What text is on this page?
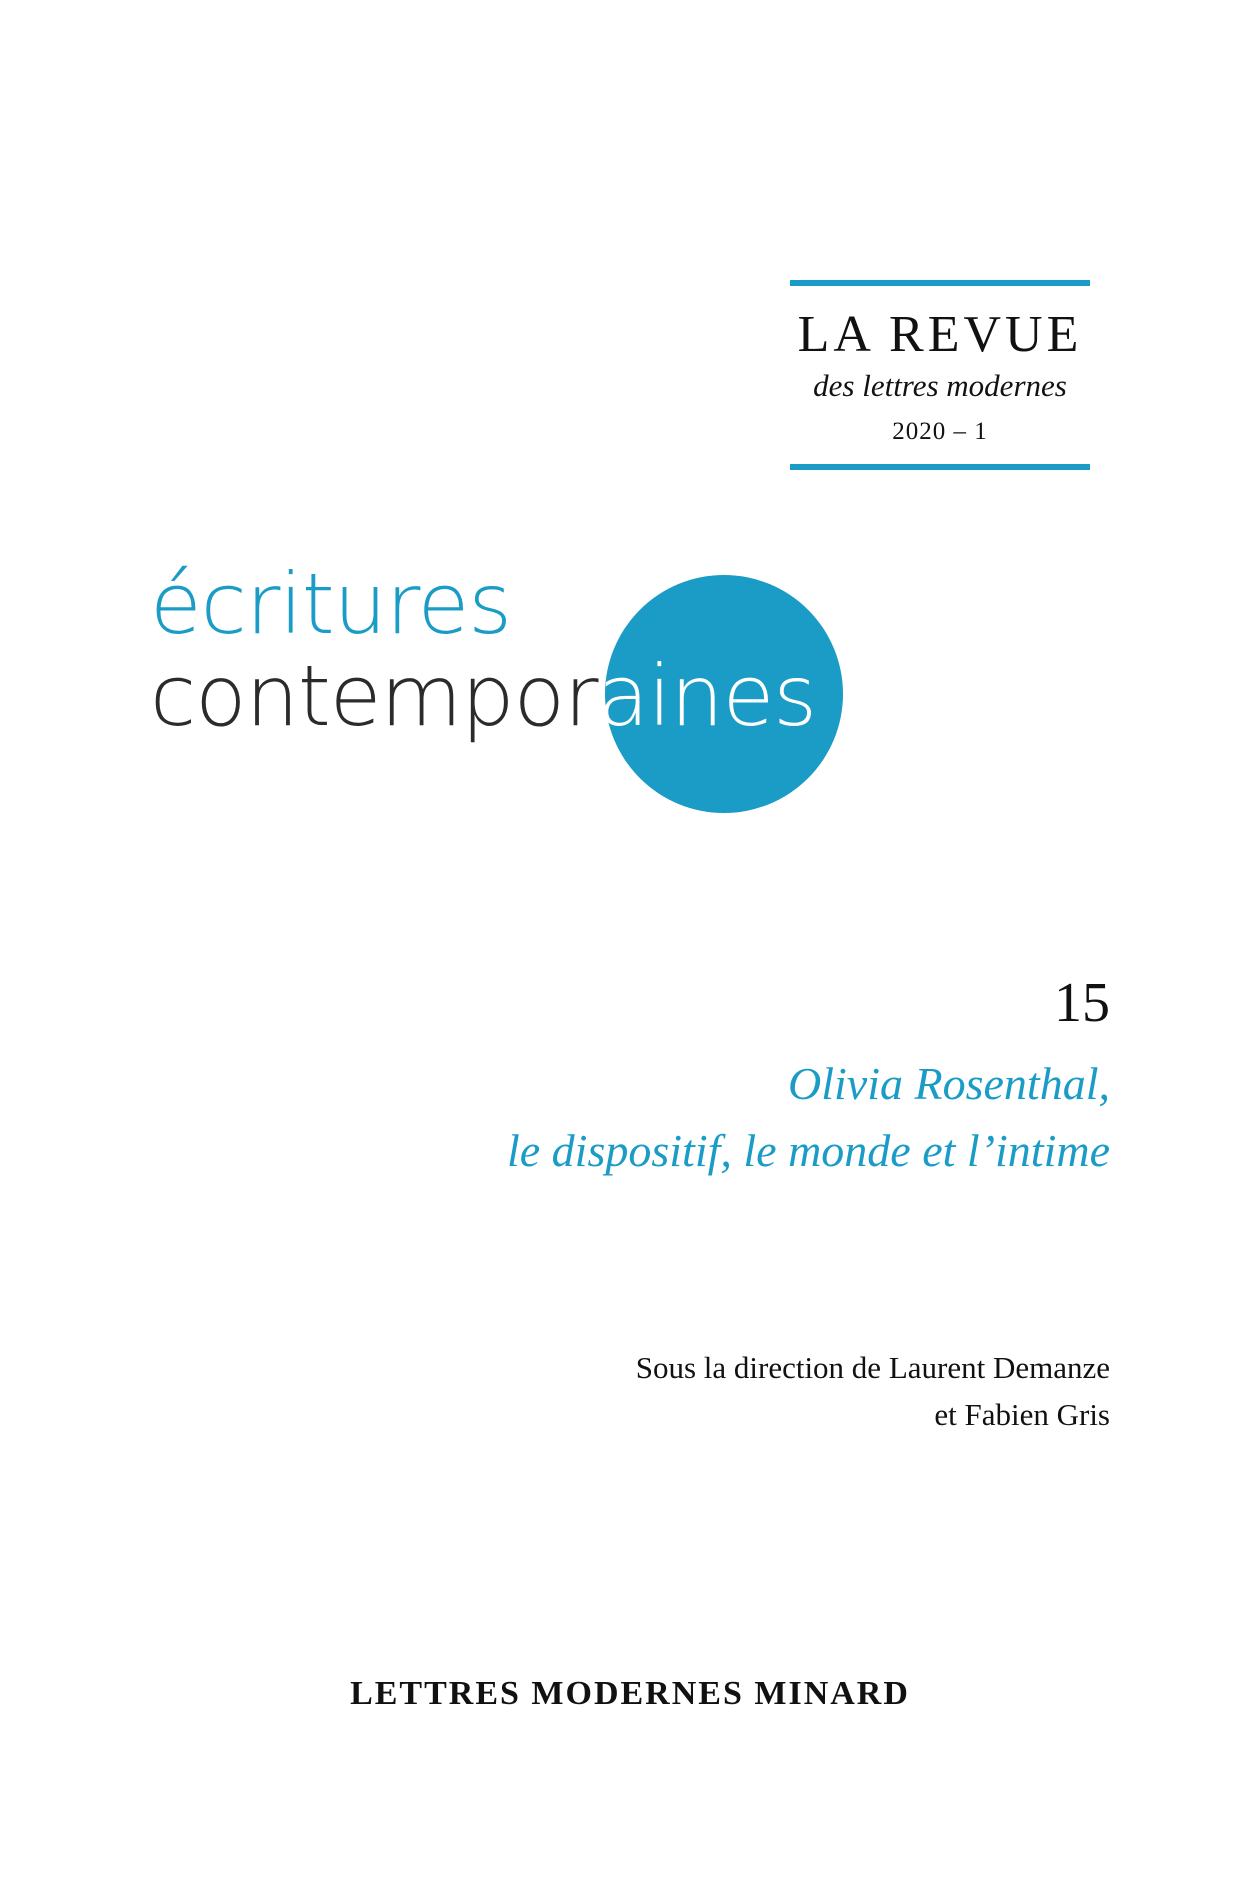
LA REVUE
des lettres modernes
2020 – 1
écritures
contemporaines
15
Olivia Rosenthal,
le dispositif, le monde et l’intime
Sous la direction de Laurent Demanze
et Fabien Gris
LETTRES MODERNES MINARD
